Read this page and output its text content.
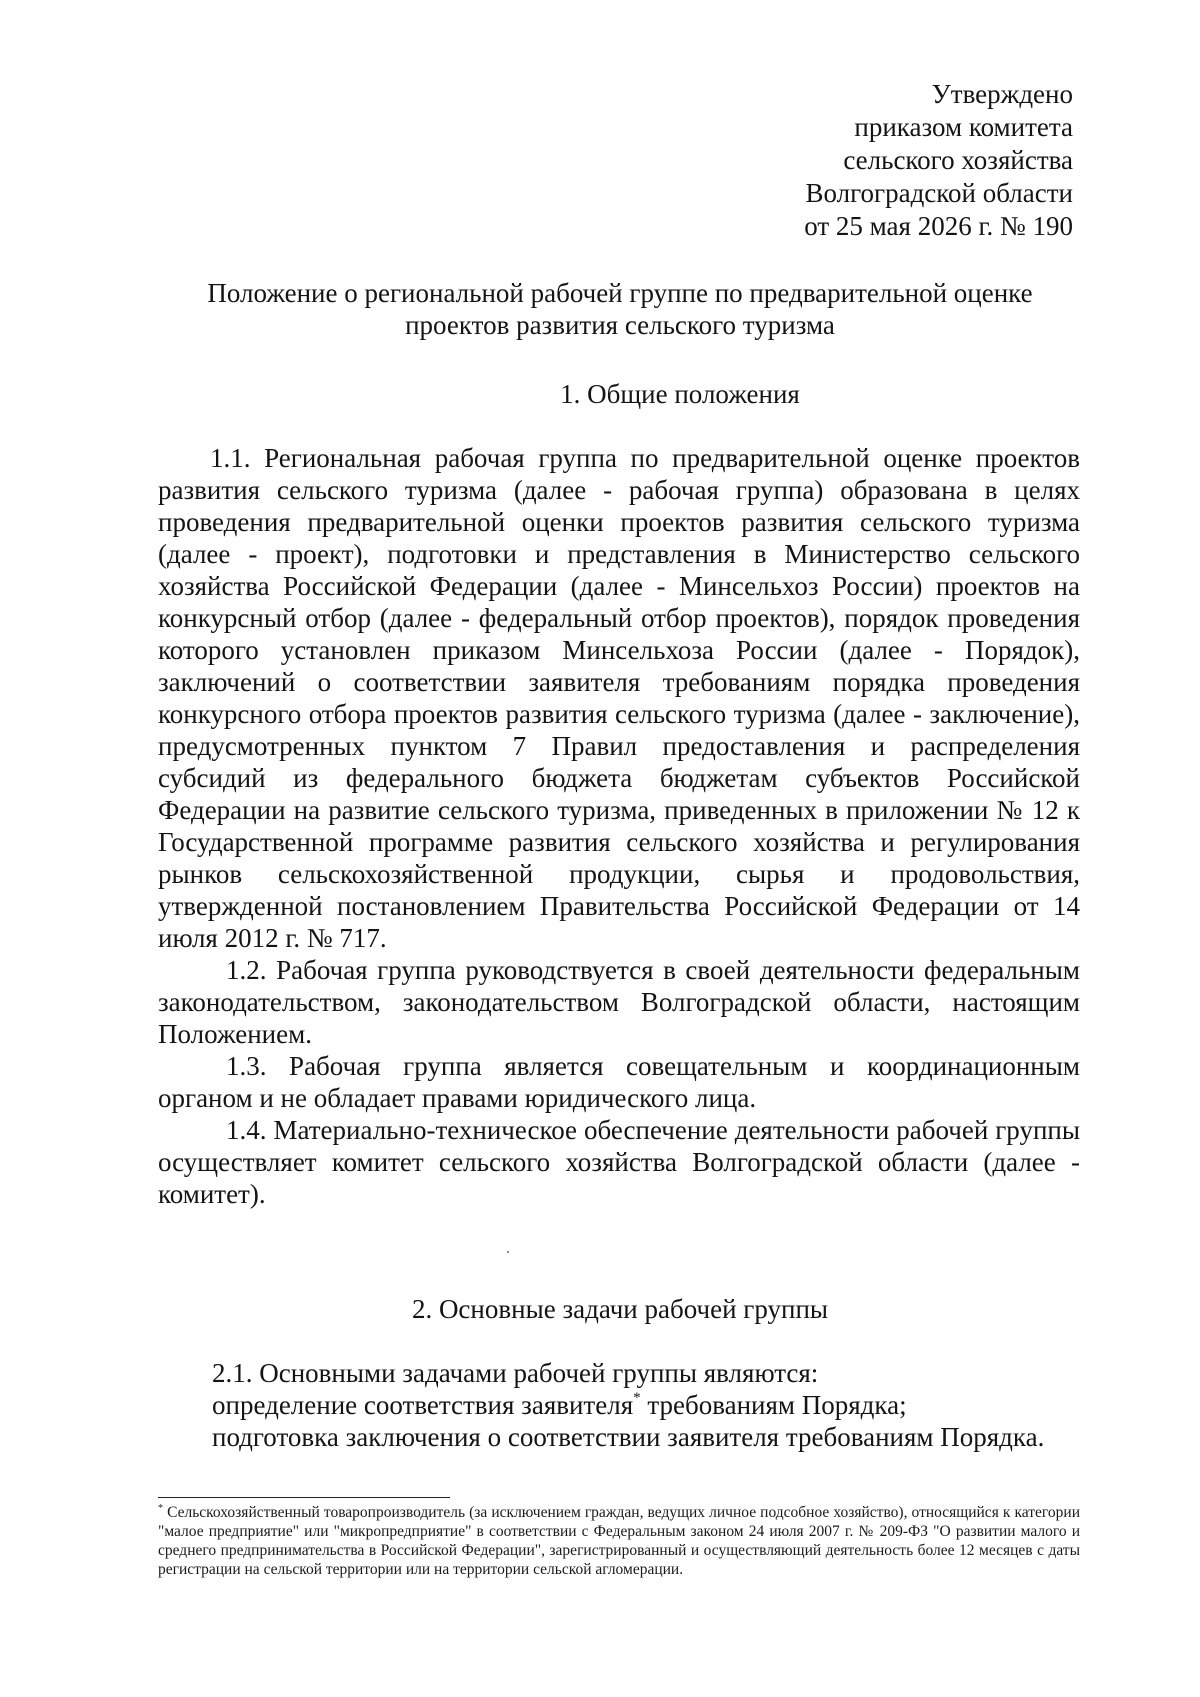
Утверждено
приказом комитета
сельского хозяйства
Волгоградской области
от 25 мая 2026 г. № 190
Положение о региональной рабочей группе по предварительной оценке
проектов развития сельского туризма
1. Общие положения

1.1. Региональная рабочая группа по предварительной оценке проектов развития сельского туризма (далее - рабочая группа) образована в целях проведения предварительной оценки проектов развития сельского туризма (далее - проект), подготовки и представления в Министерство сельского хозяйства Российской Федерации (далее - Минсельхоз России) проектов на конкурсный отбор (далее - федеральный отбор проектов), порядок проведения которого установлен приказом Минсельхоза России (далее - Порядок), заключений о соответствии заявителя требованиям порядка проведения конкурсного отбора проектов развития сельского туризма (далее - заключение), предусмотренных пунктом 7 Правил предоставления и распределения субсидий из федерального бюджета бюджетам субъектов Российской Федерации на развитие сельского туризма, приведенных в приложении № 12 к Государственной программе развития сельского хозяйства и регулирования рынков сельскохозяйственной продукции, сырья и продовольствия, утвержденной постановлением Правительства Российской Федерации от 14 июля 2012 г. № 717.

1.2. Рабочая группа руководствуется в своей деятельности федеральным законодательством, законодательством Волгоградской области, настоящим Положением.

1.3. Рабочая группа является совещательным и координационным органом и не обладает правами юридического лица.

1.4. Материально-техническое обеспечение деятельности рабочей группы осуществляет комитет сельского хозяйства Волгоградской области (далее - комитет).

2. Основные задачи рабочей группы

2.1. Основными задачами рабочей группы являются:

определение соответствия заявителя* требованиям Порядка;

подготовка заключения о соответствии заявителя требованиям Порядка.

* Сельскохозяйственный товаропроизводитель (за исключением граждан, ведущих личное подсобное хозяйство), относящийся к категории "малое предприятие" или "микропредприятие" в соответствии с Федеральным законом 24 июля 2007 г. № 209-ФЗ "О развитии малого и среднего предпринимательства в Российской Федерации", зарегистрированный и осуществляющий деятельность более 12 месяцев с даты регистрации на сельской территории или на территории сельской агломерации.
